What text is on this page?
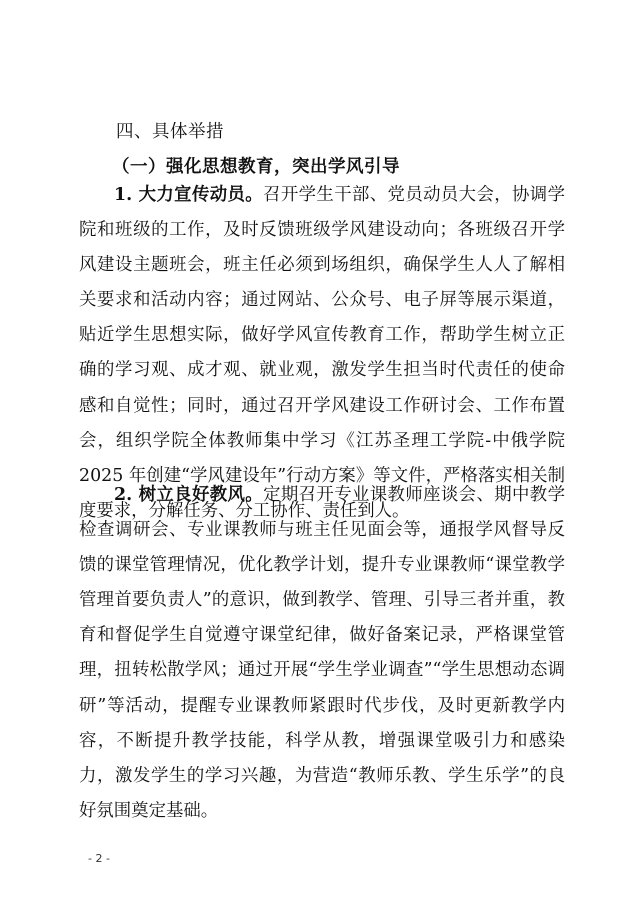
四、具体举措
（一）强化思想教育，突出学风引导

1. 大力宣传动员。召开学生干部、党员动员大会，协调学院和班级的工作，及时反馈班级学风建设动向；各班级召开学风建设主题班会，班主任必须到场组织，确保学生人人了解相关要求和活动内容；通过网站、公众号、电子屏等展示渠道，贴近学生思想实际，做好学风宣传教育工作，帮助学生树立正确的学习观、成才观、就业观，激发学生担当时代责任的使命感和自觉性；同时，通过召开学风建设工作研讨会、工作布置会，组织学院全体教师集中学习《江苏圣理工学院-中俄学院 2025 年创建“学风建设年”行动方案》等文件，严格落实相关制度要求，分解任务、分工协作、责任到人。

2. 树立良好教风。定期召开专业课教师座谈会、期中教学检查调研会、专业课教师与班主任见面会等，通报学风督导反馈的课堂管理情况，优化教学计划，提升专业课教师“课堂教学管理首要负责人”的意识，做到教学、管理、引导三者并重，教育和督促学生自觉遵守课堂纪律，做好备案记录，严格课堂管理，扭转松散学风；通过开展“学生学业调查”“学生思想动态调研”等活动，提醒专业课教师紧跟时代步伐，及时更新教学内容，不断提升教学技能，科学从教，增强课堂吸引力和感染力，激发学生的学习兴趣，为营造“教师乐教、学生乐学”的良好氛围奠定基础。

- 2 -
